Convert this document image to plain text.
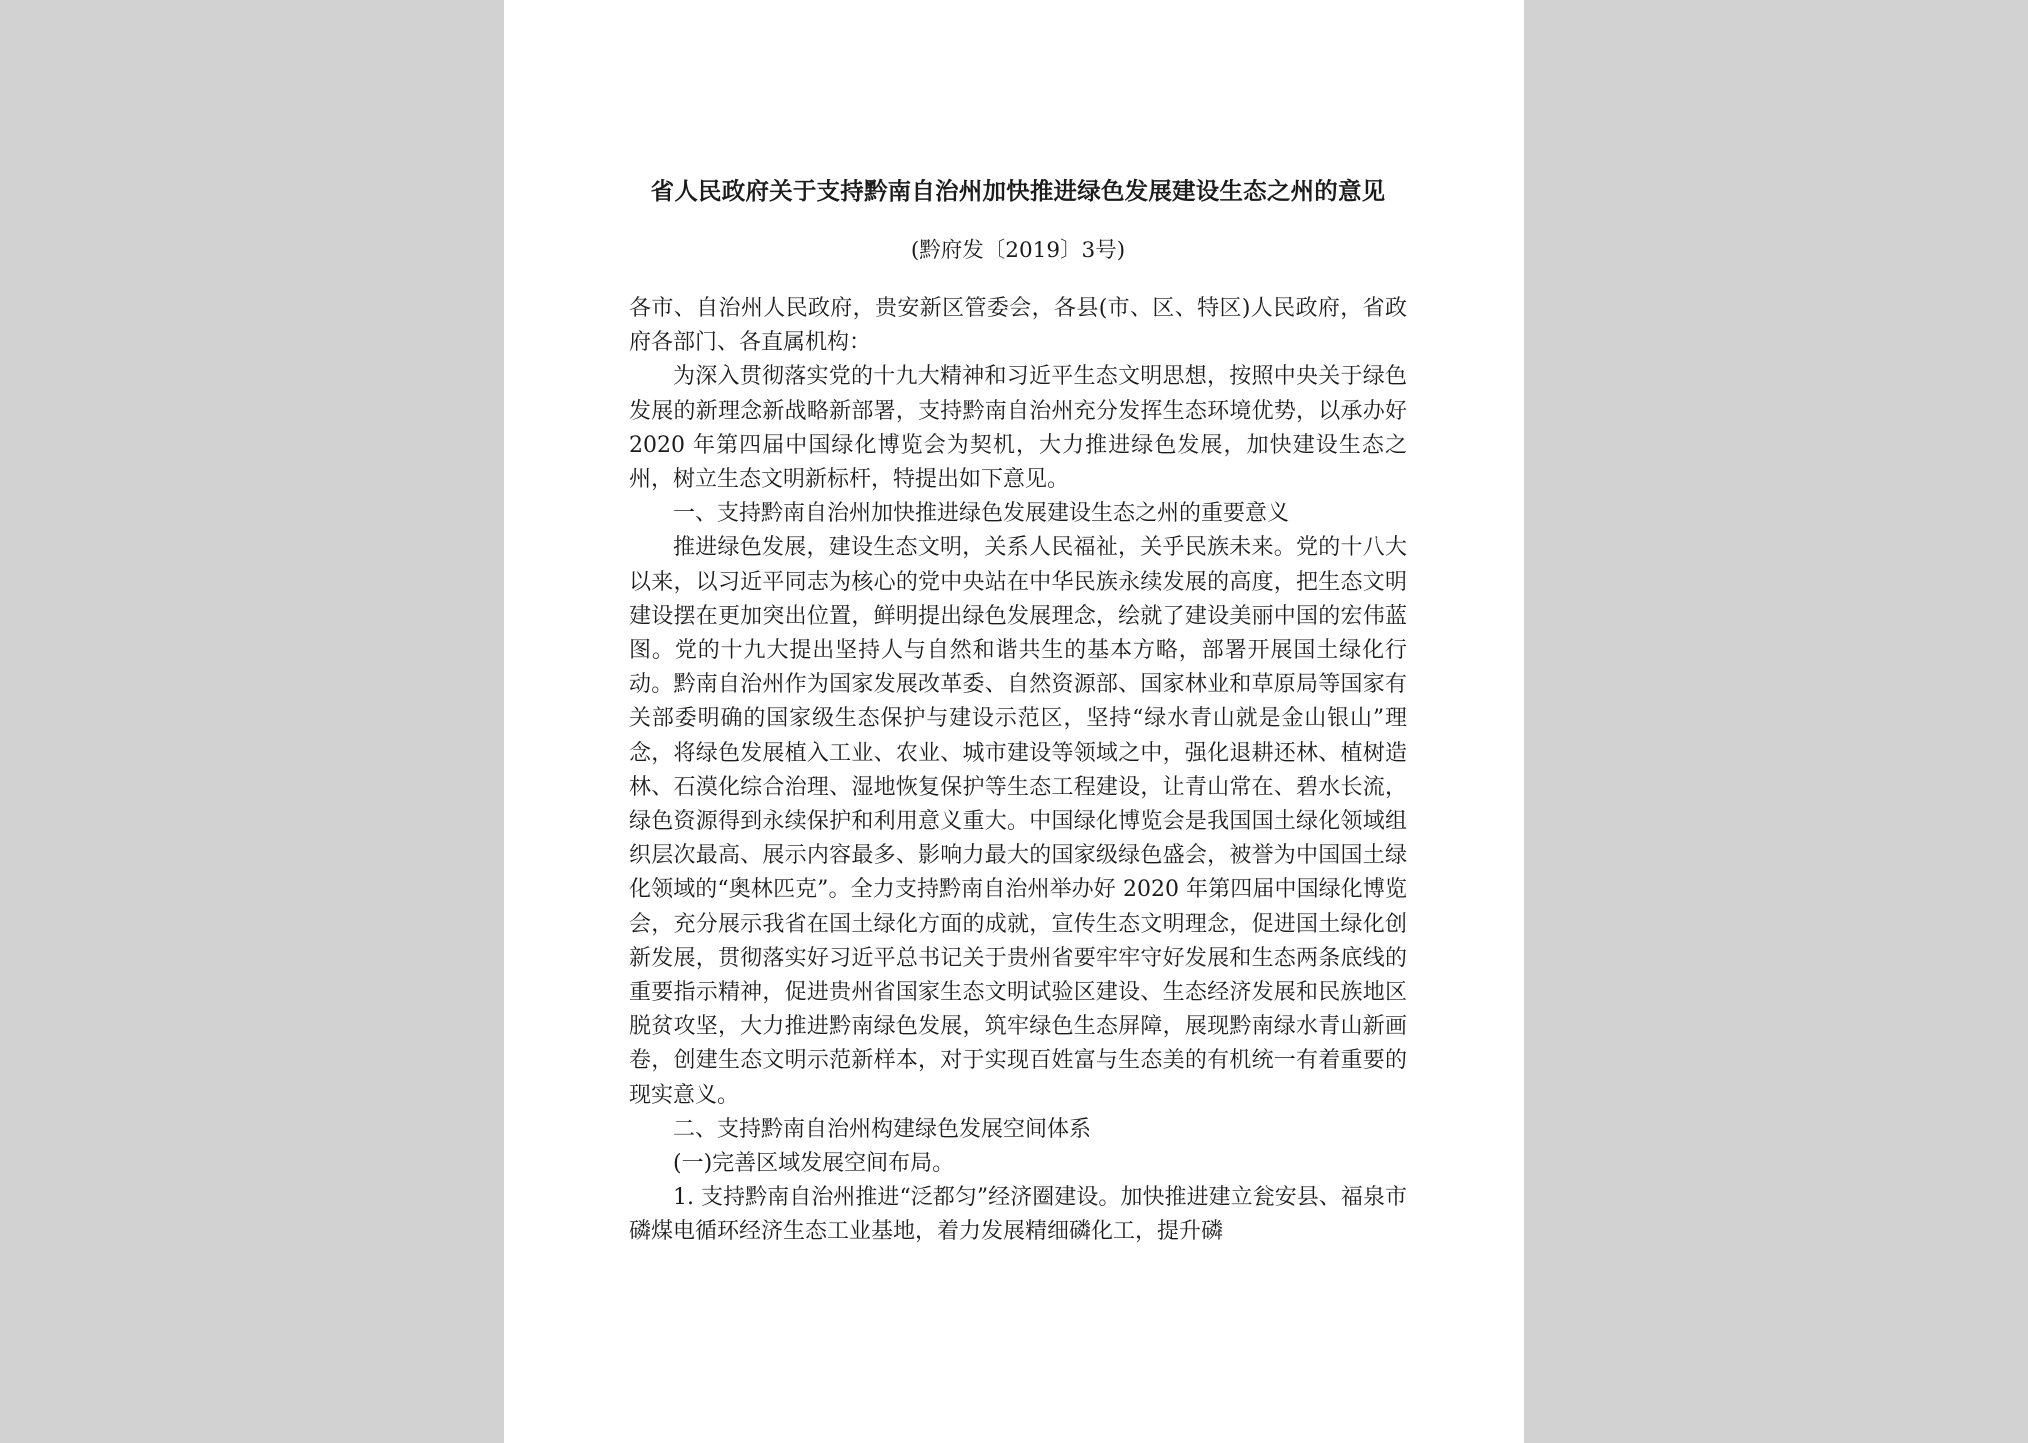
省人民政府关于支持黔南自治州加快推进绿色发展建设生态之州的意见

(黔府发〔2019〕3号)

各市、自治州人民政府，贵安新区管委会，各县(市、区、特区)人民政府，省政府各部门、各直属机构：

为深入贯彻落实党的十九大精神和习近平生态文明思想，按照中央关于绿色发展的新理念新战略新部署，支持黔南自治州充分发挥生态环境优势，以承办好 2020 年第四届中国绿化博览会为契机，大力推进绿色发展，加快建设生态之州，树立生态文明新标杆，特提出如下意见。

一、支持黔南自治州加快推进绿色发展建设生态之州的重要意义

推进绿色发展，建设生态文明，关系人民福祉，关乎民族未来。党的十八大以来，以习近平同志为核心的党中央站在中华民族永续发展的高度，把生态文明建设摆在更加突出位置，鲜明提出绿色发展理念，绘就了建设美丽中国的宏伟蓝图。党的十九大提出坚持人与自然和谐共生的基本方略，部署开展国土绿化行动。黔南自治州作为国家发展改革委、自然资源部、国家林业和草原局等国家有关部委明确的国家级生态保护与建设示范区，坚持“绿水青山就是金山银山”理念，将绿色发展植入工业、农业、城市建设等领域之中，强化退耕还林、植树造林、石漠化综合治理、湿地恢复保护等生态工程建设，让青山常在、碧水长流，绿色资源得到永续保护和利用意义重大。中国绿化博览会是我国国土绿化领域组织层次最高、展示内容最多、影响力最大的国家级绿色盛会，被誉为中国国土绿化领域的“奥林匹克”。全力支持黔南自治州举办好 2020 年第四届中国绿化博览会，充分展示我省在国土绿化方面的成就，宣传生态文明理念，促进国土绿化创新发展，贯彻落实好习近平总书记关于贵州省要牢牢守好发展和生态两条底线的重要指示精神，促进贵州省国家生态文明试验区建设、生态经济发展和民族地区脱贫攻坚，大力推进黔南绿色发展，筑牢绿色生态屏障，展现黔南绿水青山新画卷，创建生态文明示范新样本，对于实现百姓富与生态美的有机统一有着重要的现实意义。

二、支持黔南自治州构建绿色发展空间体系

(一)完善区域发展空间布局。

1. 支持黔南自治州推进“泛都匀”经济圈建设。加快推进建立瓮安县、福泉市磷煤电循环经济生态工业基地，着力发展精细磷化工，提升磷
